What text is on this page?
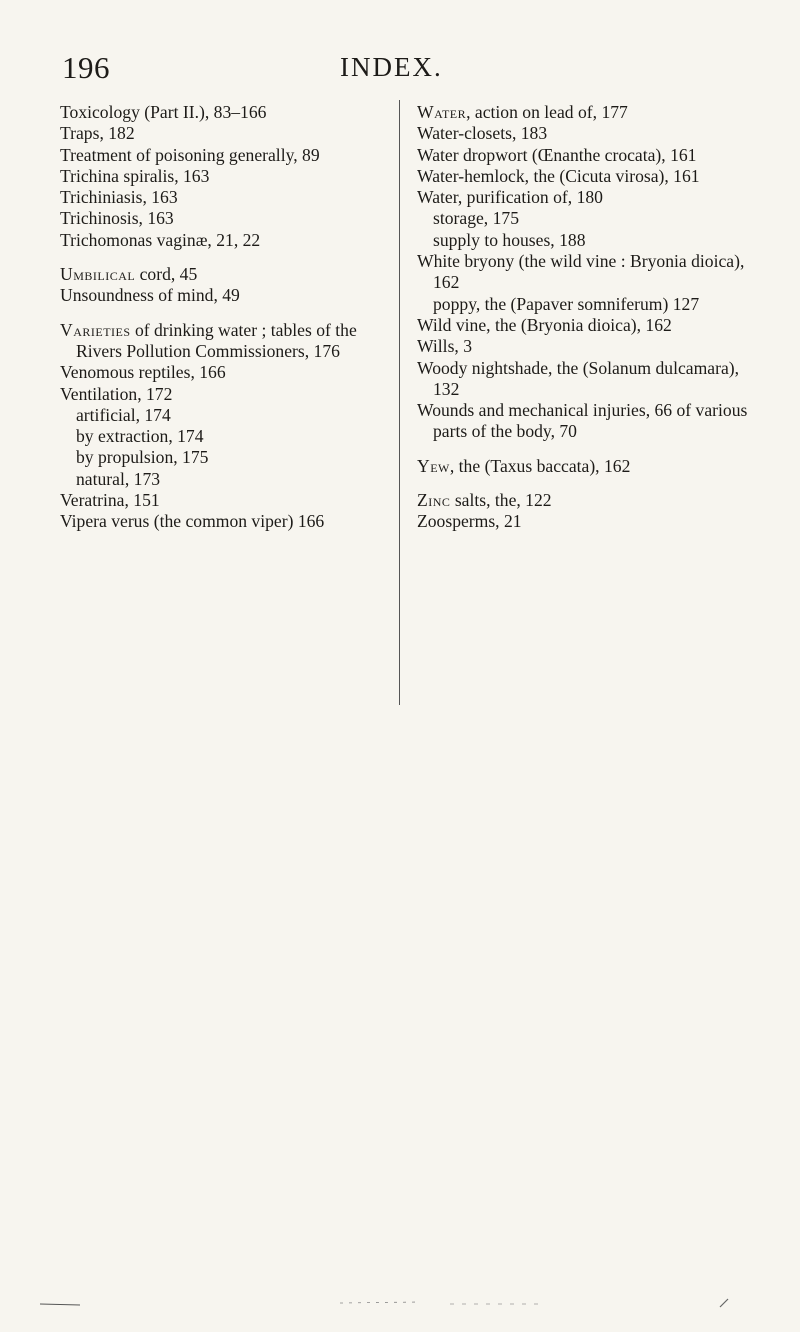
196	INDEX.
Toxicology (Part II.), 83–166
Traps, 182
Treatment of poisoning generally, 89
Trichina spiralis, 163
Trichiniasis, 163
Trichinosis, 163
Trichomonas vaginæ, 21, 22
Umbilical cord, 45
Unsoundness of mind, 49
Varieties of drinking water ; tables of the Rivers Pollution Commissioners, 176
Venomous reptiles, 166
Ventilation, 172
artificial, 174
by extraction, 174
by propulsion, 175
natural, 173
Veratrina, 151
Vipera verus (the common viper) 166
Water, action on lead of, 177
Water-closets, 183
Water dropwort (Œnanthe crocata), 161
Water-hemlock, the (Cicuta virosa), 161
Water, purification of, 180
storage, 175
supply to houses, 188
White bryony (the wild vine : Bryonia dioica), 162
poppy, the (Papaver somniferum) 127
Wild vine, the (Bryonia dioica), 162
Wills, 3
Woody nightshade, the (Solanum dulcamara), 132
Wounds and mechanical injuries, 66 of various parts of the body, 70
Yew, the (Taxus baccata), 162
Zinc salts, the, 122
Zoosperms, 21
